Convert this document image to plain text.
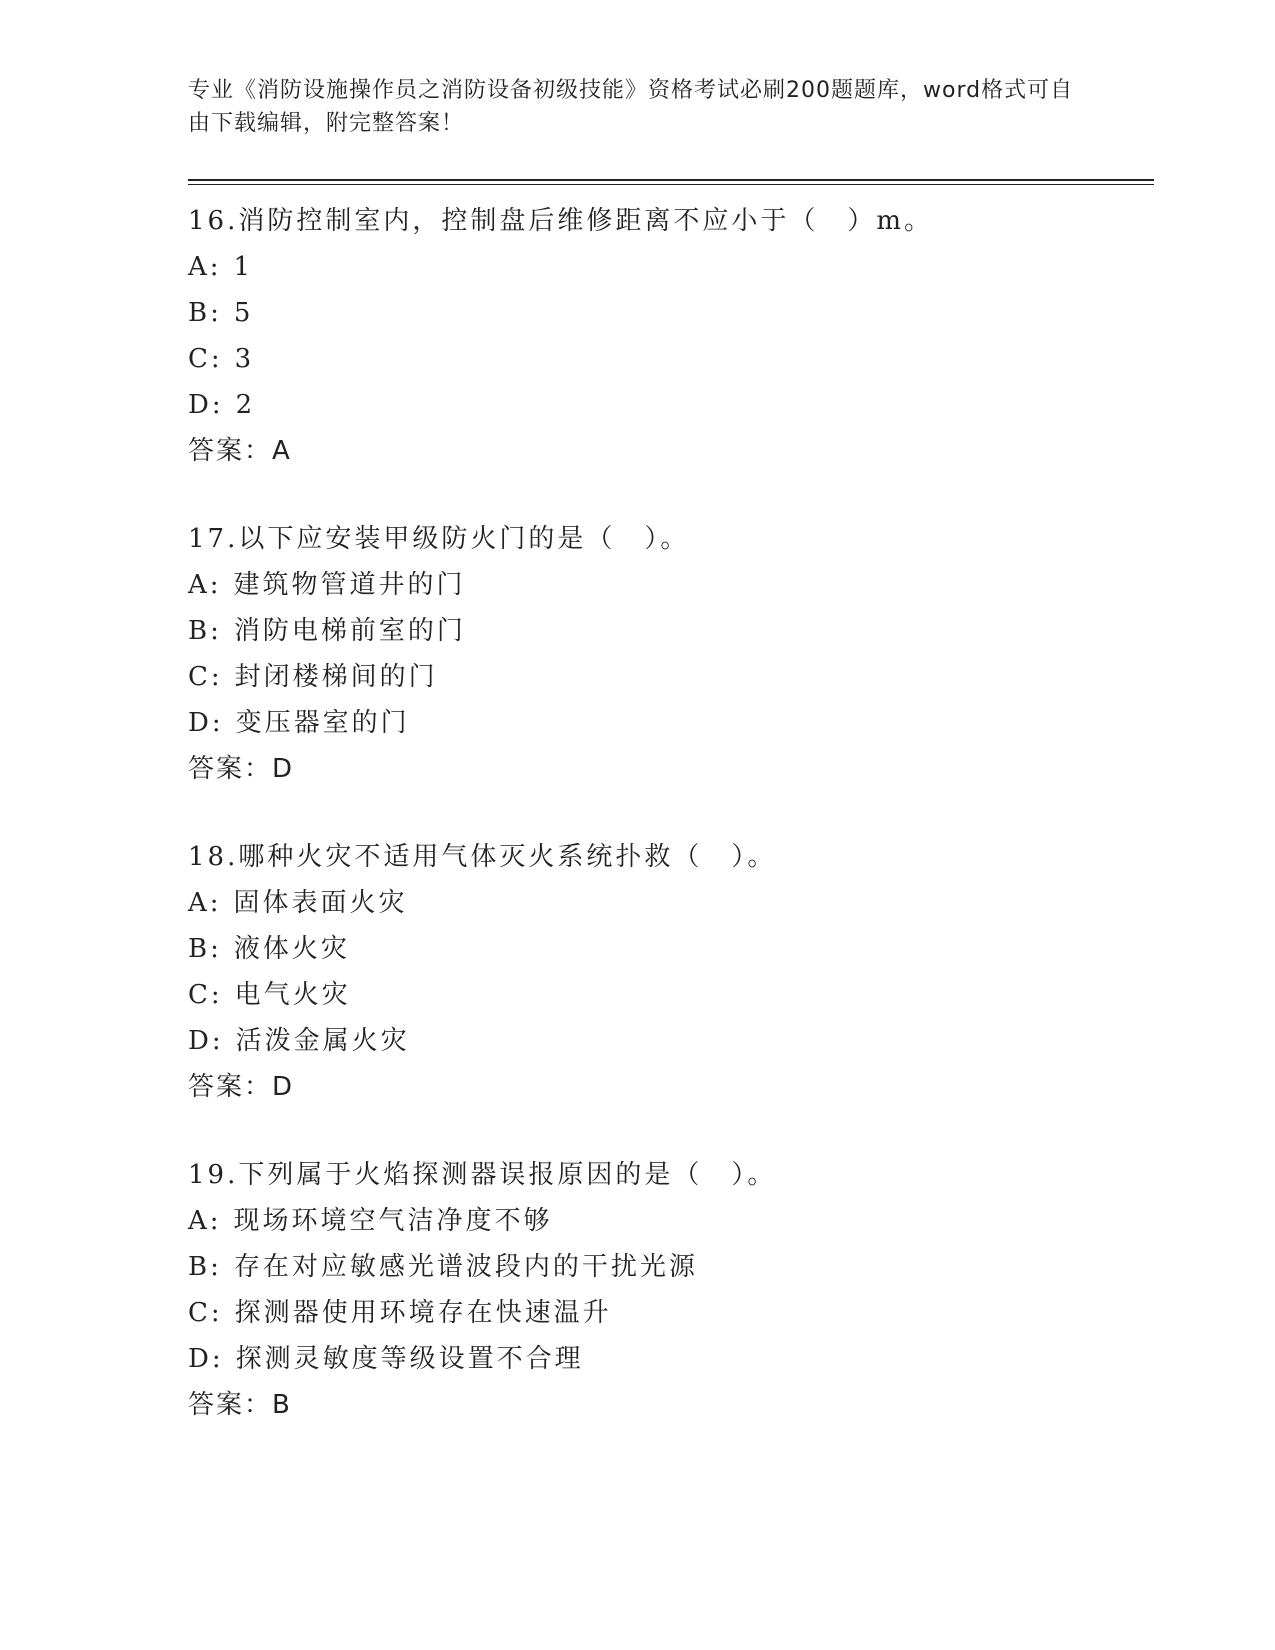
专业《消防设施操作员之消防设备初级技能》资格考试必刷200题题库，word格式可自由下载编辑，附完整答案！
16.消防控制室内，控制盘后维修距离不应小于（　）m。
A: 1
B: 5
C: 3
D: 2
答案：A
17.以下应安装甲级防火门的是（　）。
A: 建筑物管道井的门
B: 消防电梯前室的门
C: 封闭楼梯间的门
D: 变压器室的门
答案：D
18.哪种火灾不适用气体灭火系统扑救（　）。
A: 固体表面火灾
B: 液体火灾
C: 电气火灾
D: 活泼金属火灾
答案：D
19.下列属于火焰探测器误报原因的是（　）。
A: 现场环境空气洁净度不够
B: 存在对应敏感光谱波段内的干扰光源
C: 探测器使用环境存在快速温升
D: 探测灵敏度等级设置不合理
答案：B
